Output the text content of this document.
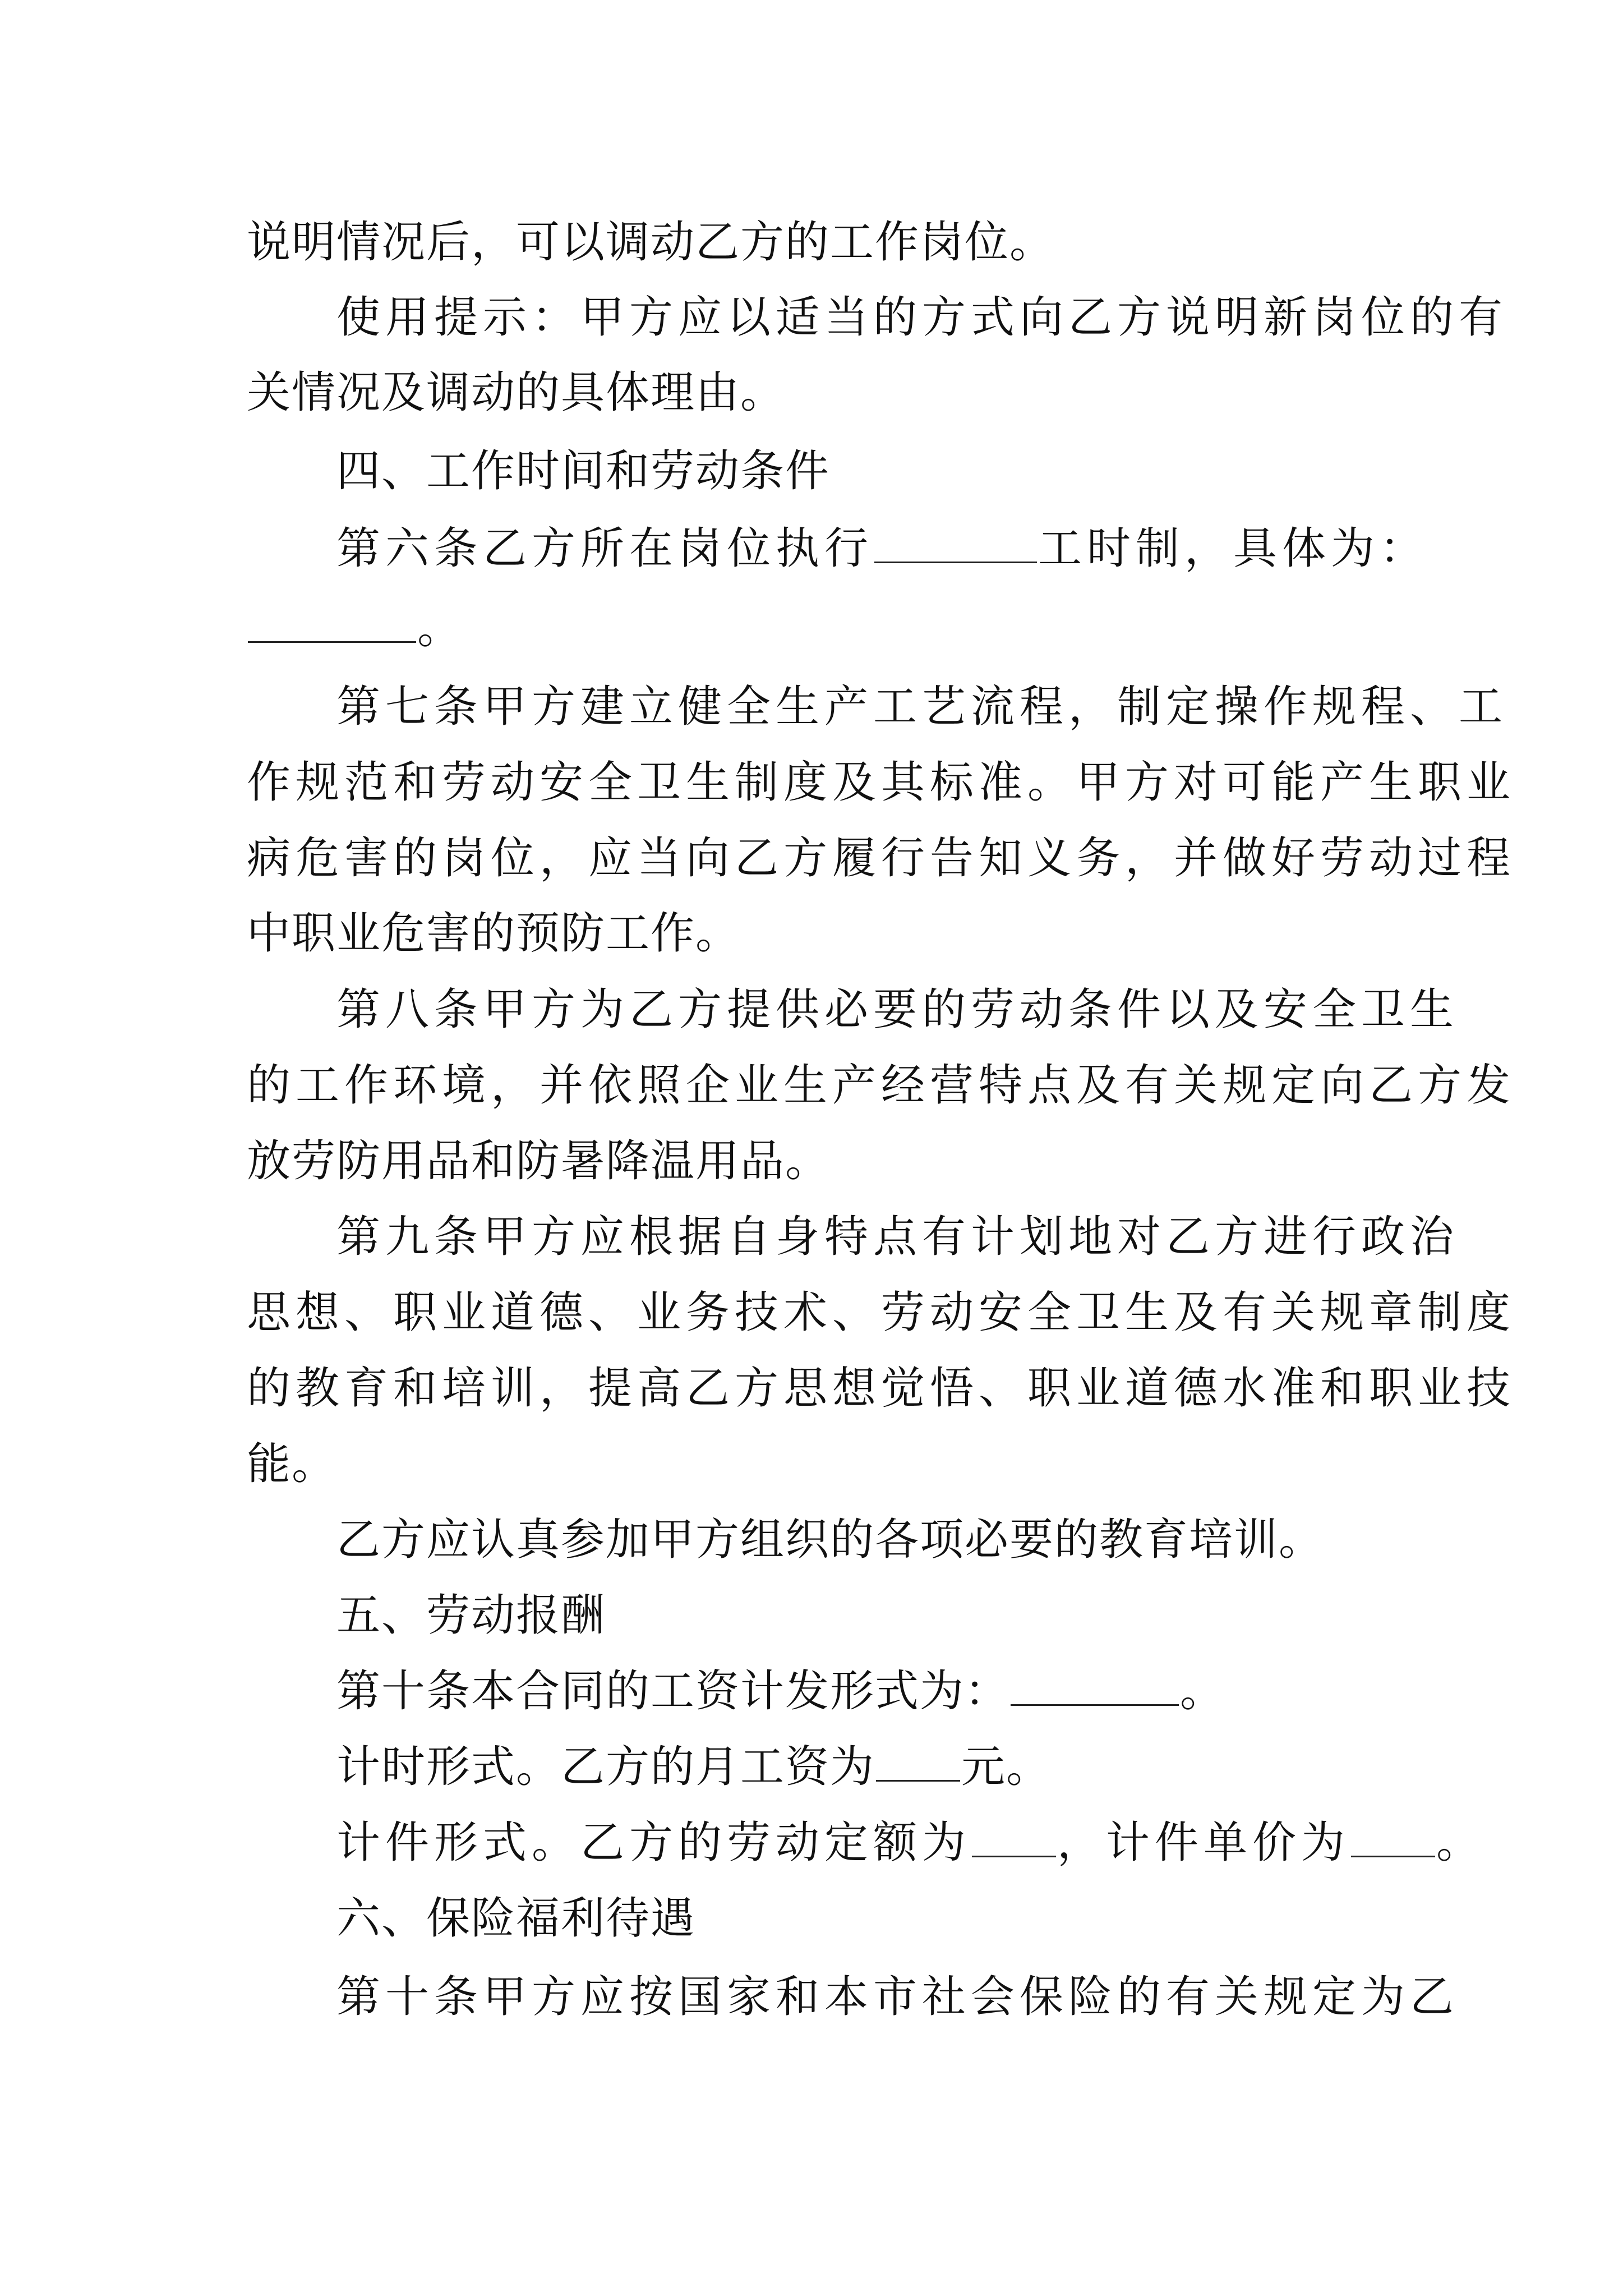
说明情况后，可以调动乙方的工作岗位。
使用提示：甲方应以适当的方式向乙方说明新岗位的有
关情况及调动的具体理由。
四、工作时间和劳动条件
第六条乙方所在岗位执行	工时制，具体为：
。
第七条甲方建立健全生产工艺流程，制定操作规程、工
作规范和劳动安全卫生制度及其标准。甲方对可能产生职业
病危害的岗位，应当向乙方履行告知义务，并做好劳动过程
中职业危害的预防工作。
第八条甲方为乙方提供必要的劳动条件以及安全卫生
的工作环境，并依照企业生产经营特点及有关规定向乙方发
放劳防用品和防暑降温用品。
第九条甲方应根据自身特点有计划地对乙方进行政治
思想、职业道德、业务技术、劳动安全卫生及有关规章制度
的教育和培训，提高乙方思想觉悟、职业道德水准和职业技
能。
乙方应认真参加甲方组织的各项必要的教育培训。
五、劳动报酬
第十条本合同的工资计发形式为：	。
计时形式。乙方的月工资为 元。
计件形式。乙方的劳动定额为 ，计件单价为 。
六、保险福利待遇
第十条甲方应按国家和本市社会保险的有关规定为乙
